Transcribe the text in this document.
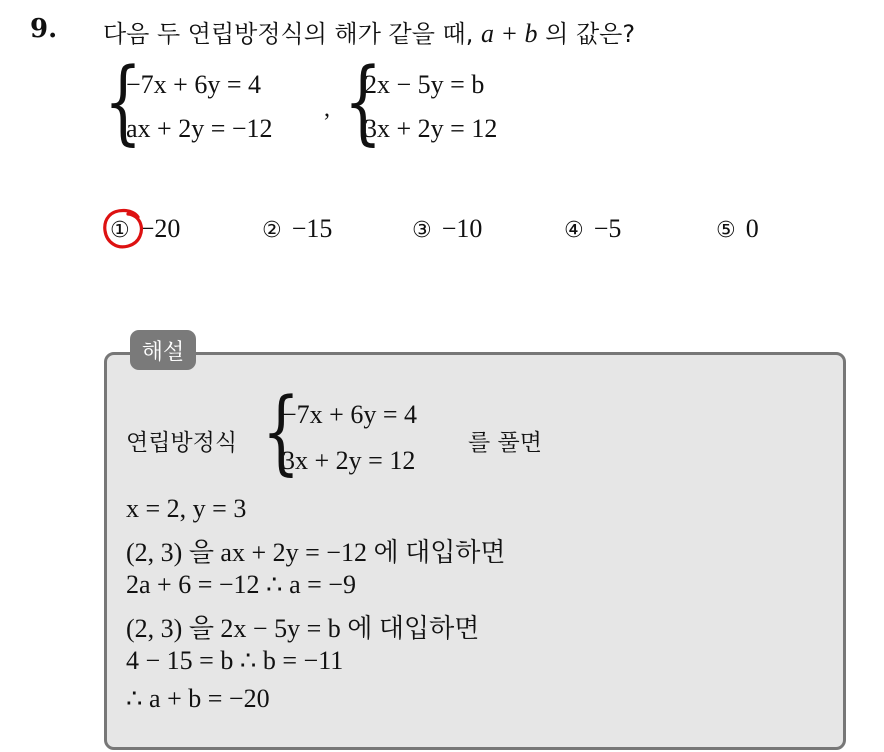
9. 다음 두 연립방정식의 해가 같을 때, a + b 의 값은?
{
−7x + 6y = 4
ax + 2y = −12
, {
2x − 5y = b
3x + 2y = 12
① −20	② −15	③ −10	④ −5	⑤ 0
해설
연립방정식 {
−7x + 6y = 4
3x + 2y = 12
를 풀면
x = 2, y = 3
(2, 3) 을 ax + 2y = −12 에 대입하면
2a + 6 = −12 ∴ a = −9
(2, 3) 을 2x − 5y = b 에 대입하면
4 − 15 = b ∴ b = −11
∴ a + b = −20
